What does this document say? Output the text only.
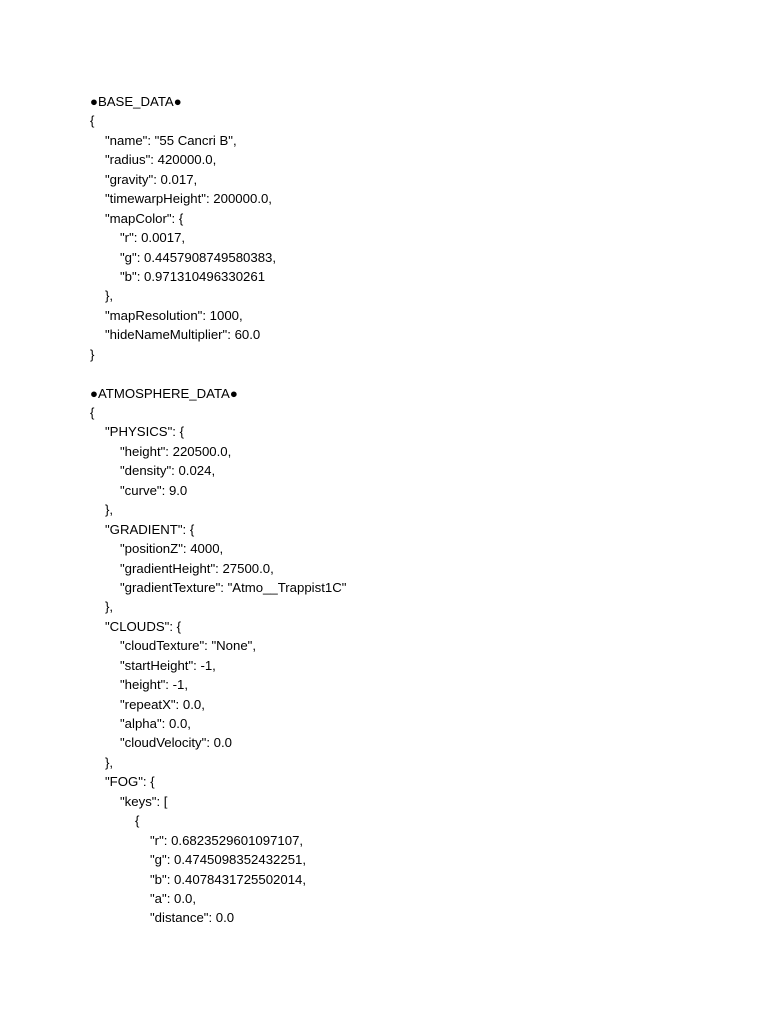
●BASE_DATA●
{
"name": "55 Cancri B",
"radius": 420000.0,
"gravity": 0.017,
"timewarpHeight": 200000.0,
"mapColor": {
"r": 0.0017,
"g": 0.4457908749580383,
"b": 0.971310496330261
},
"mapResolution": 1000,
"hideNameMultiplier": 60.0
}
●ATMOSPHERE_DATA●
{
"PHYSICS": {
"height": 220500.0,
"density": 0.024,
"curve": 9.0
},
"GRADIENT": {
"positionZ": 4000,
"gradientHeight": 27500.0,
"gradientTexture": "Atmo__Trappist1C"
},
"CLOUDS": {
"cloudTexture": "None",
"startHeight": -1,
"height": -1,
"repeatX": 0.0,
"alpha": 0.0,
"cloudVelocity": 0.0
},
"FOG": {
"keys": [
{
"r": 0.6823529601097107,
"g": 0.4745098352432251,
"b": 0.4078431725502014,
"a": 0.0,
"distance": 0.0
